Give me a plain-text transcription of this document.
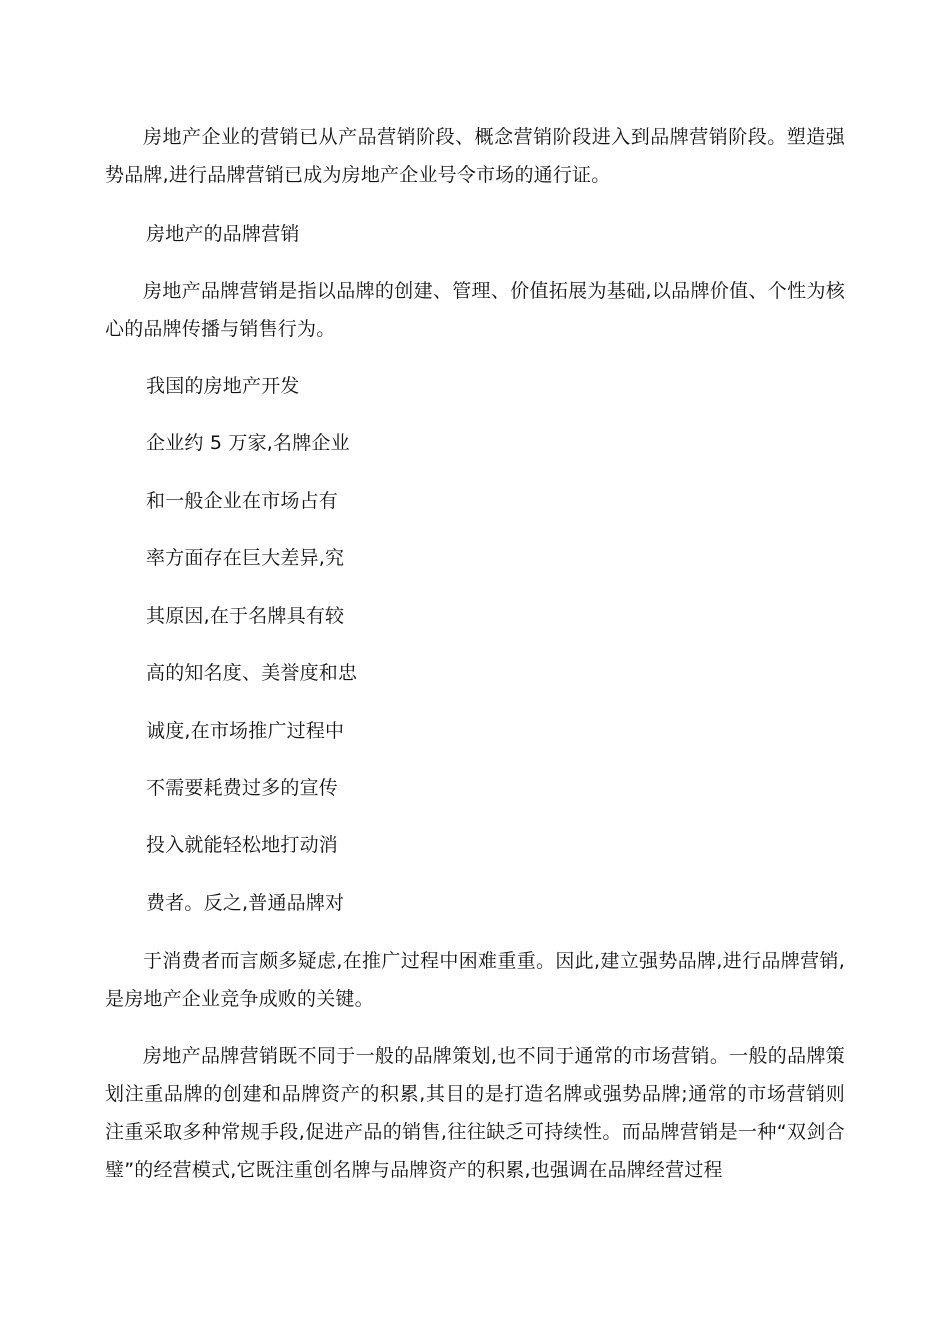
房地产企业的营销已从产品营销阶段、概念营销阶段进入到品牌营销阶段。塑造强势品牌,进行品牌营销已成为房地产企业号令市场的通行证。

房地产的品牌营销

房地产品牌营销是指以品牌的创建、管理、价值拓展为基础,以品牌价值、个性为核心的品牌传播与销售行为。

我国的房地产开发

企业约 5 万家,名牌企业

和一般企业在市场占有

率方面存在巨大差异,究

其原因,在于名牌具有较

高的知名度、美誉度和忠

诚度,在市场推广过程中

不需要耗费过多的宣传

投入就能轻松地打动消

费者。反之,普通品牌对

于消费者而言颇多疑虑,在推广过程中困难重重。因此,建立强势品牌,进行品牌营销,是房地产企业竞争成败的关键。

房地产品牌营销既不同于一般的品牌策划,也不同于通常的市场营销。一般的品牌策划注重品牌的创建和品牌资产的积累,其目的是打造名牌或强势品牌;通常的市场营销则注重采取多种常规手段,促进产品的销售,往往缺乏可持续性。而品牌营销是一种“双剑合璧”的经营模式,它既注重创名牌与品牌资产的积累,也强调在品牌经营过程
